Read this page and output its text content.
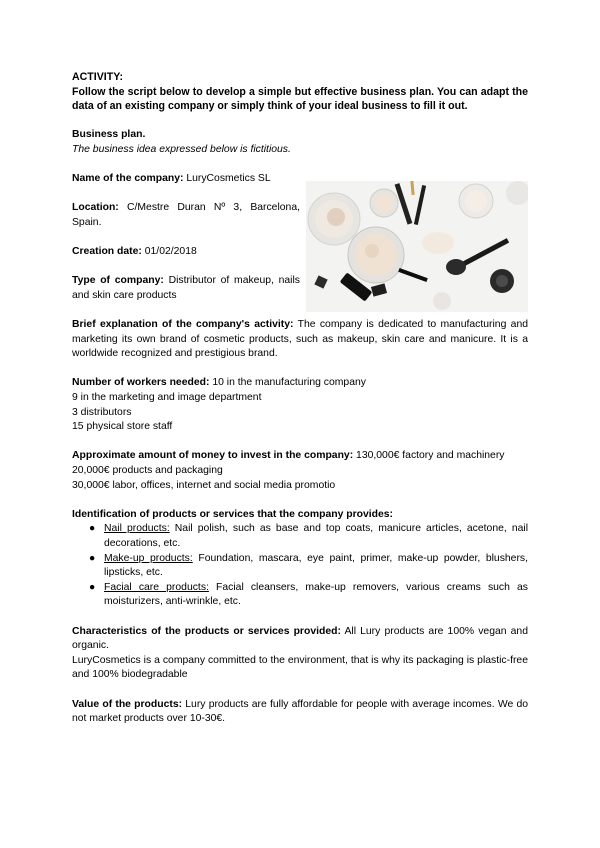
ACTIVITY:

Follow the script below to develop a simple but effective business plan. You can adapt the data of an existing company or simply think of your ideal business to fill it out.

Business plan.

The business idea expressed below is fictitious.

Name of the company: LuryCosmetics SL

Location: C/Mestre Duran Nº 3, Barcelona, Spain.

Creation date: 01/02/2018

Type of company: Distributor of makeup, nails and skin care products

Brief explanation of the company's activity: The company is dedicated to manufacturing and marketing its own brand of cosmetic products, such as makeup, skin care and manicure. It is a worldwide recognized and prestigious brand.

Number of workers needed: 10 in the manufacturing company

9 in the marketing and image department

3 distributors

15 physical store staff

Approximate amount of money to invest in the company: 130,000€ factory and machinery

20,000€ products and packaging

30,000€ labor, offices, internet and social media promotio

Identification of products or services that the company provides:

● Nail products: Nail polish, such as base and top coats, manicure articles, acetone, nail decorations, etc.
● Make-up products: Foundation, mascara, eye paint, primer, make-up powder, blushers, lipsticks, etc.
● Facial care products: Facial cleansers, make-up removers, various creams such as moisturizers, anti-wrinkle, etc.

Characteristics of the products or services provided: All Lury products are 100% vegan and organic.

LuryCosmetics is a company committed to the environment, that is why its packaging is plastic-free and 100% biodegradable

Value of the products: Lury products are fully affordable for people with average incomes. We do not market products over 10-30€.
